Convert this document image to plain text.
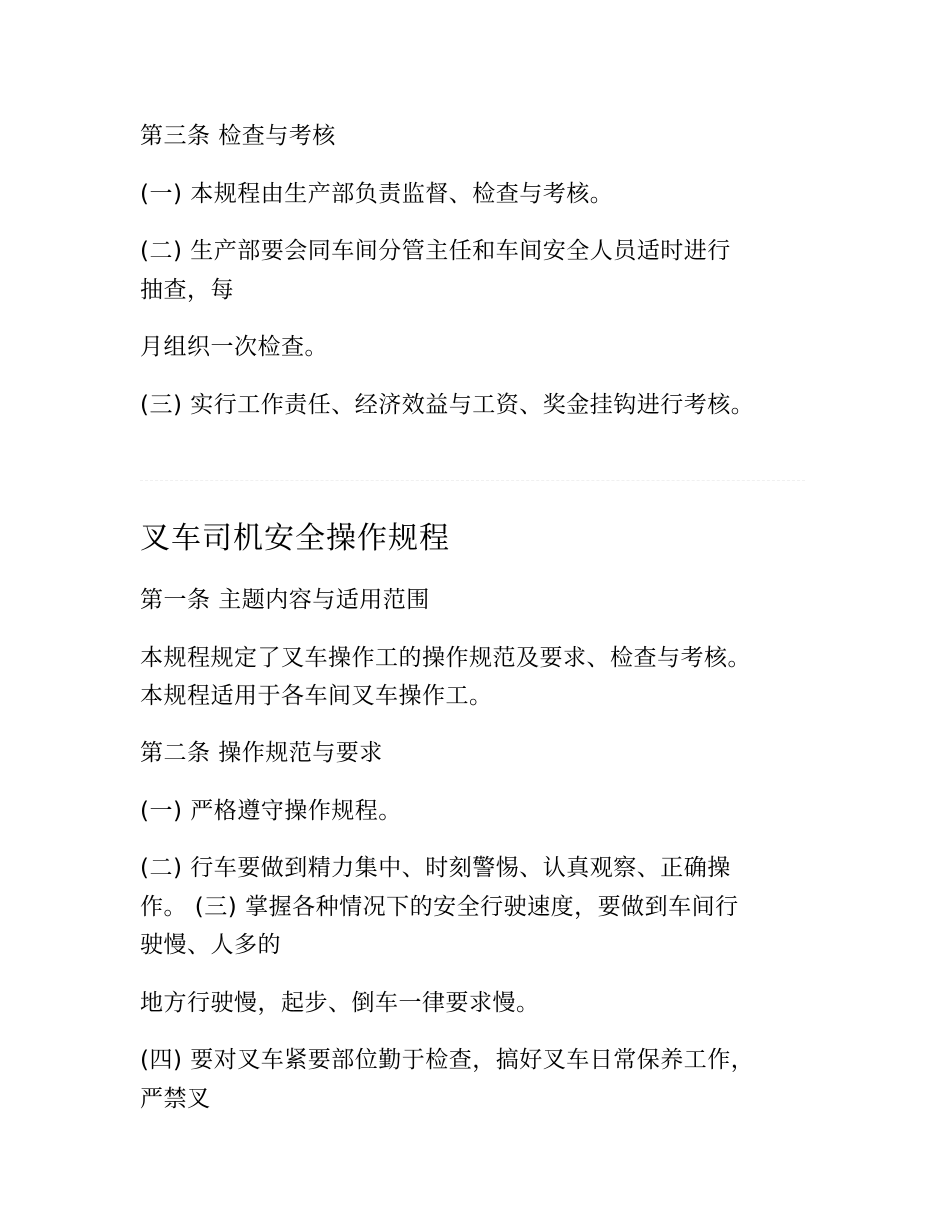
第三条 检查与考核
(一) 本规程由生产部负责监督、检查与考核。
(二) 生产部要会同车间分管主任和车间安全人员适时进行
抽查，每
月组织一次检查。
(三) 实行工作责任、经济效益与工资、奖金挂钩进行考核。
叉车司机安全操作规程
第一条 主题内容与适用范围
本规程规定了叉车操作工的操作规范及要求、检查与考核。
本规程适用于各车间叉车操作工。
第二条 操作规范与要求
(一) 严格遵守操作规程。
(二) 行车要做到精力集中、时刻警惕、认真观察、正确操
作。 (三) 掌握各种情况下的安全行驶速度，要做到车间行
驶慢、人多的
地方行驶慢，起步、倒车一律要求慢。
(四) 要对叉车紧要部位勤于检查，搞好叉车日常保养工作，
严禁叉
